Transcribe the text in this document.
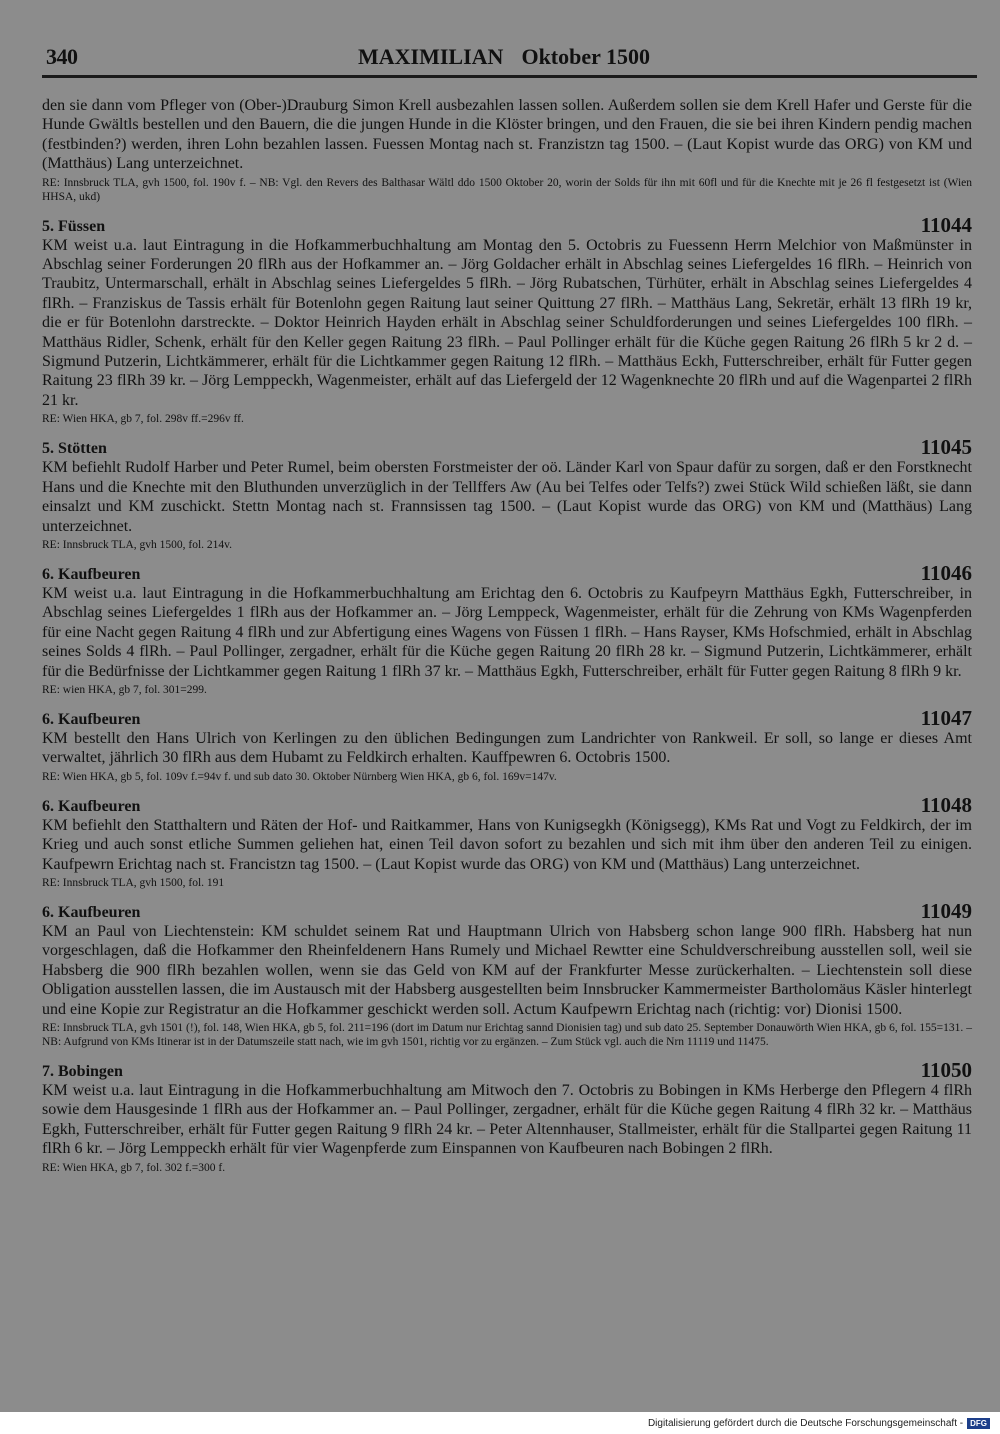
340	MAXIMILIAN Oktober 1500

den sie dann vom Pfleger von (Ober-)Drauburg Simon Krell ausbezahlen lassen sollen. Außerdem sollen sie dem Krell Hafer und Gerste für die Hunde Gwältls bestellen und den Bauern, die die jungen Hunde in die Klöster bringen, und den Frauen, die sie bei ihren Kindern pendig machen (festbinden?) werden, ihren Lohn bezahlen lassen. Fuessen Montag nach st. Franzistzn tag 1500. – (Laut Kopist wurde das ORG) von KM und (Matthäus) Lang unterzeichnet.

RE: Innsbruck TLA, gvh 1500, fol. 190v f. – NB: Vgl. den Revers des Balthasar Wältl ddo 1500 Oktober 20, worin der Solds für ihn mit 60fl und für die Knechte mit je 26 fl festgesetzt ist (Wien HHSA, ukd)

5. Füssen	11044

KM weist u.a. laut Eintragung in die Hofkammerbuchhaltung am Montag den 5. Octobris zu Fuessenn Herrn Melchior von Maßmünster in Abschlag seiner Forderungen 20 flRh aus der Hofkammer an. – Jörg Goldacher erhält in Abschlag seines Liefergeldes 16 flRh. – Heinrich von Traubitz, Untermarschall, erhält in Abschlag seines Liefergeldes 5 flRh. – Jörg Rubatschen, Türhüter, erhält in Abschlag seines Liefergeldes 4 flRh. – Franziskus de Tassis erhält für Botenlohn gegen Raitung laut seiner Quittung 27 flRh. – Matthäus Lang, Sekretär, erhält 13 flRh 19 kr, die er für Botenlohn darstreckte. – Doktor Heinrich Hayden erhält in Abschlag seiner Schuldforderungen und seines Liefergeldes 100 flRh. – Matthäus Ridler, Schenk, erhält für den Keller gegen Raitung 23 flRh. – Paul Pollinger erhält für die Küche gegen Raitung 26 flRh 5 kr 2 d. – Sigmund Putzerin, Lichtkämmerer, erhält für die Lichtkammer gegen Raitung 12 flRh. – Matthäus Eckh, Futterschreiber, erhält für Futter gegen Raitung 23 flRh 39 kr. – Jörg Lemppeckh, Wagenmeister, erhält auf das Liefergeld der 12 Wagenknechte 20 flRh und auf die Wagenpartei 2 flRh 21 kr.

RE: Wien HKA, gb 7, fol. 298v ff.=296v ff.

5. Stötten	11045

KM befiehlt Rudolf Harber und Peter Rumel, beim obersten Forstmeister der oö. Länder Karl von Spaur dafür zu sorgen, daß er den Forstknecht Hans und die Knechte mit den Bluthunden unverzüglich in der Tellffers Aw (Au bei Telfes oder Telfs?) zwei Stück Wild schießen läßt, sie dann einsalzt und KM zuschickt. Stettn Montag nach st. Frannsissen tag 1500. – (Laut Kopist wurde das ORG) von KM und (Matthäus) Lang unterzeichnet.

RE: Innsbruck TLA, gvh 1500, fol. 214v.

6. Kaufbeuren	11046

KM weist u.a. laut Eintragung in die Hofkammerbuchhaltung am Erichtag den 6. Octobris zu Kaufpeyrn Matthäus Egkh, Futterschreiber, in Abschlag seines Liefergeldes 1 flRh aus der Hofkammer an. – Jörg Lemppeck, Wagenmeister, erhält für die Zehrung von KMs Wagenpferden für eine Nacht gegen Raitung 4 flRh und zur Abfertigung eines Wagens von Füssen 1 flRh. – Hans Rayser, KMs Hofschmied, erhält in Abschlag seines Solds 4 flRh. – Paul Pollinger, zergadner, erhält für die Küche gegen Raitung 20 flRh 28 kr. – Sigmund Putzerin, Lichtkämmerer, erhält für die Bedürfnisse der Lichtkammer gegen Raitung 1 flRh 37 kr. – Matthäus Egkh, Futterschreiber, erhält für Futter gegen Raitung 8 flRh 9 kr.

RE: wien HKA, gb 7, fol. 301=299.

6. Kaufbeuren	11047

KM bestellt den Hans Ulrich von Kerlingen zu den üblichen Bedingungen zum Landrichter von Rankweil. Er soll, so lange er dieses Amt verwaltet, jährlich 30 flRh aus dem Hubamt zu Feldkirch erhalten. Kauffpewren 6. Octobris 1500.

RE: Wien HKA, gb 5, fol. 109v f.=94v f. und sub dato 30. Oktober Nürnberg Wien HKA, gb 6, fol. 169v=147v.

6. Kaufbeuren	11048

KM befiehlt den Statthaltern und Räten der Hof- und Raitkammer, Hans von Kunigsegkh (Königsegg), KMs Rat und Vogt zu Feldkirch, der im Krieg und auch sonst etliche Summen geliehen hat, einen Teil davon sofort zu bezahlen und sich mit ihm über den anderen Teil zu einigen. Kaufpewrn Erichtag nach st. Francistzn tag 1500. – (Laut Kopist wurde das ORG) von KM und (Matthäus) Lang unterzeichnet.

RE: Innsbruck TLA, gvh 1500, fol. 191

6. Kaufbeuren	11049

KM an Paul von Liechtenstein: KM schuldet seinem Rat und Hauptmann Ulrich von Habsberg schon lange 900 flRh. Habsberg hat nun vorgeschlagen, daß die Hofkammer den Rheinfeldenern Hans Rumely und Michael Rewtter eine Schuldverschreibung ausstellen soll, weil sie Habsberg die 900 flRh bezahlen wollen, wenn sie das Geld von KM auf der Frankfurter Messe zurückerhalten. – Liechtenstein soll diese Obligation ausstellen lassen, die im Austausch mit der Habsberg ausgestellten beim Innsbrucker Kammermeister Bartholomäus Käsler hinterlegt und eine Kopie zur Registratur an die Hofkammer geschickt werden soll. Actum Kaufpewrn Erichtag nach (richtig: vor) Dionisi 1500.

RE: Innsbruck TLA, gvh 1501 (!), fol. 148, Wien HKA, gb 5, fol. 211=196 (dort im Datum nur Erichtag sannd Dionisien tag) und sub dato 25. September Donauwörth Wien HKA, gb 6, fol. 155=131. – NB: Aufgrund von KMs Itinerar ist in der Datumszeile statt nach, wie im gvh 1501, richtig vor zu ergänzen. – Zum Stück vgl. auch die Nrn 11119 und 11475.

7. Bobingen	11050

KM weist u.a. laut Eintragung in die Hofkammerbuchhaltung am Mitwoch den 7. Octobris zu Bobingen in KMs Herberge den Pflegern 4 flRh sowie dem Hausgesinde 1 flRh aus der Hofkammer an. – Paul Pollinger, zergadner, erhält für die Küche gegen Raitung 4 flRh 32 kr. – Matthäus Egkh, Futterschreiber, erhält für Futter gegen Raitung 9 flRh 24 kr. – Peter Altennhauser, Stallmeister, erhält für die Stallpartei gegen Raitung 11 flRh 6 kr. – Jörg Lemppeckh erhält für vier Wagenpferde zum Einspannen von Kaufbeuren nach Bobingen 2 flRh.

RE: Wien HKA, gb 7, fol. 302 f.=300 f.

Digitalisierung gefördert durch die Deutsche Forschungsgemeinschaft - DFG
